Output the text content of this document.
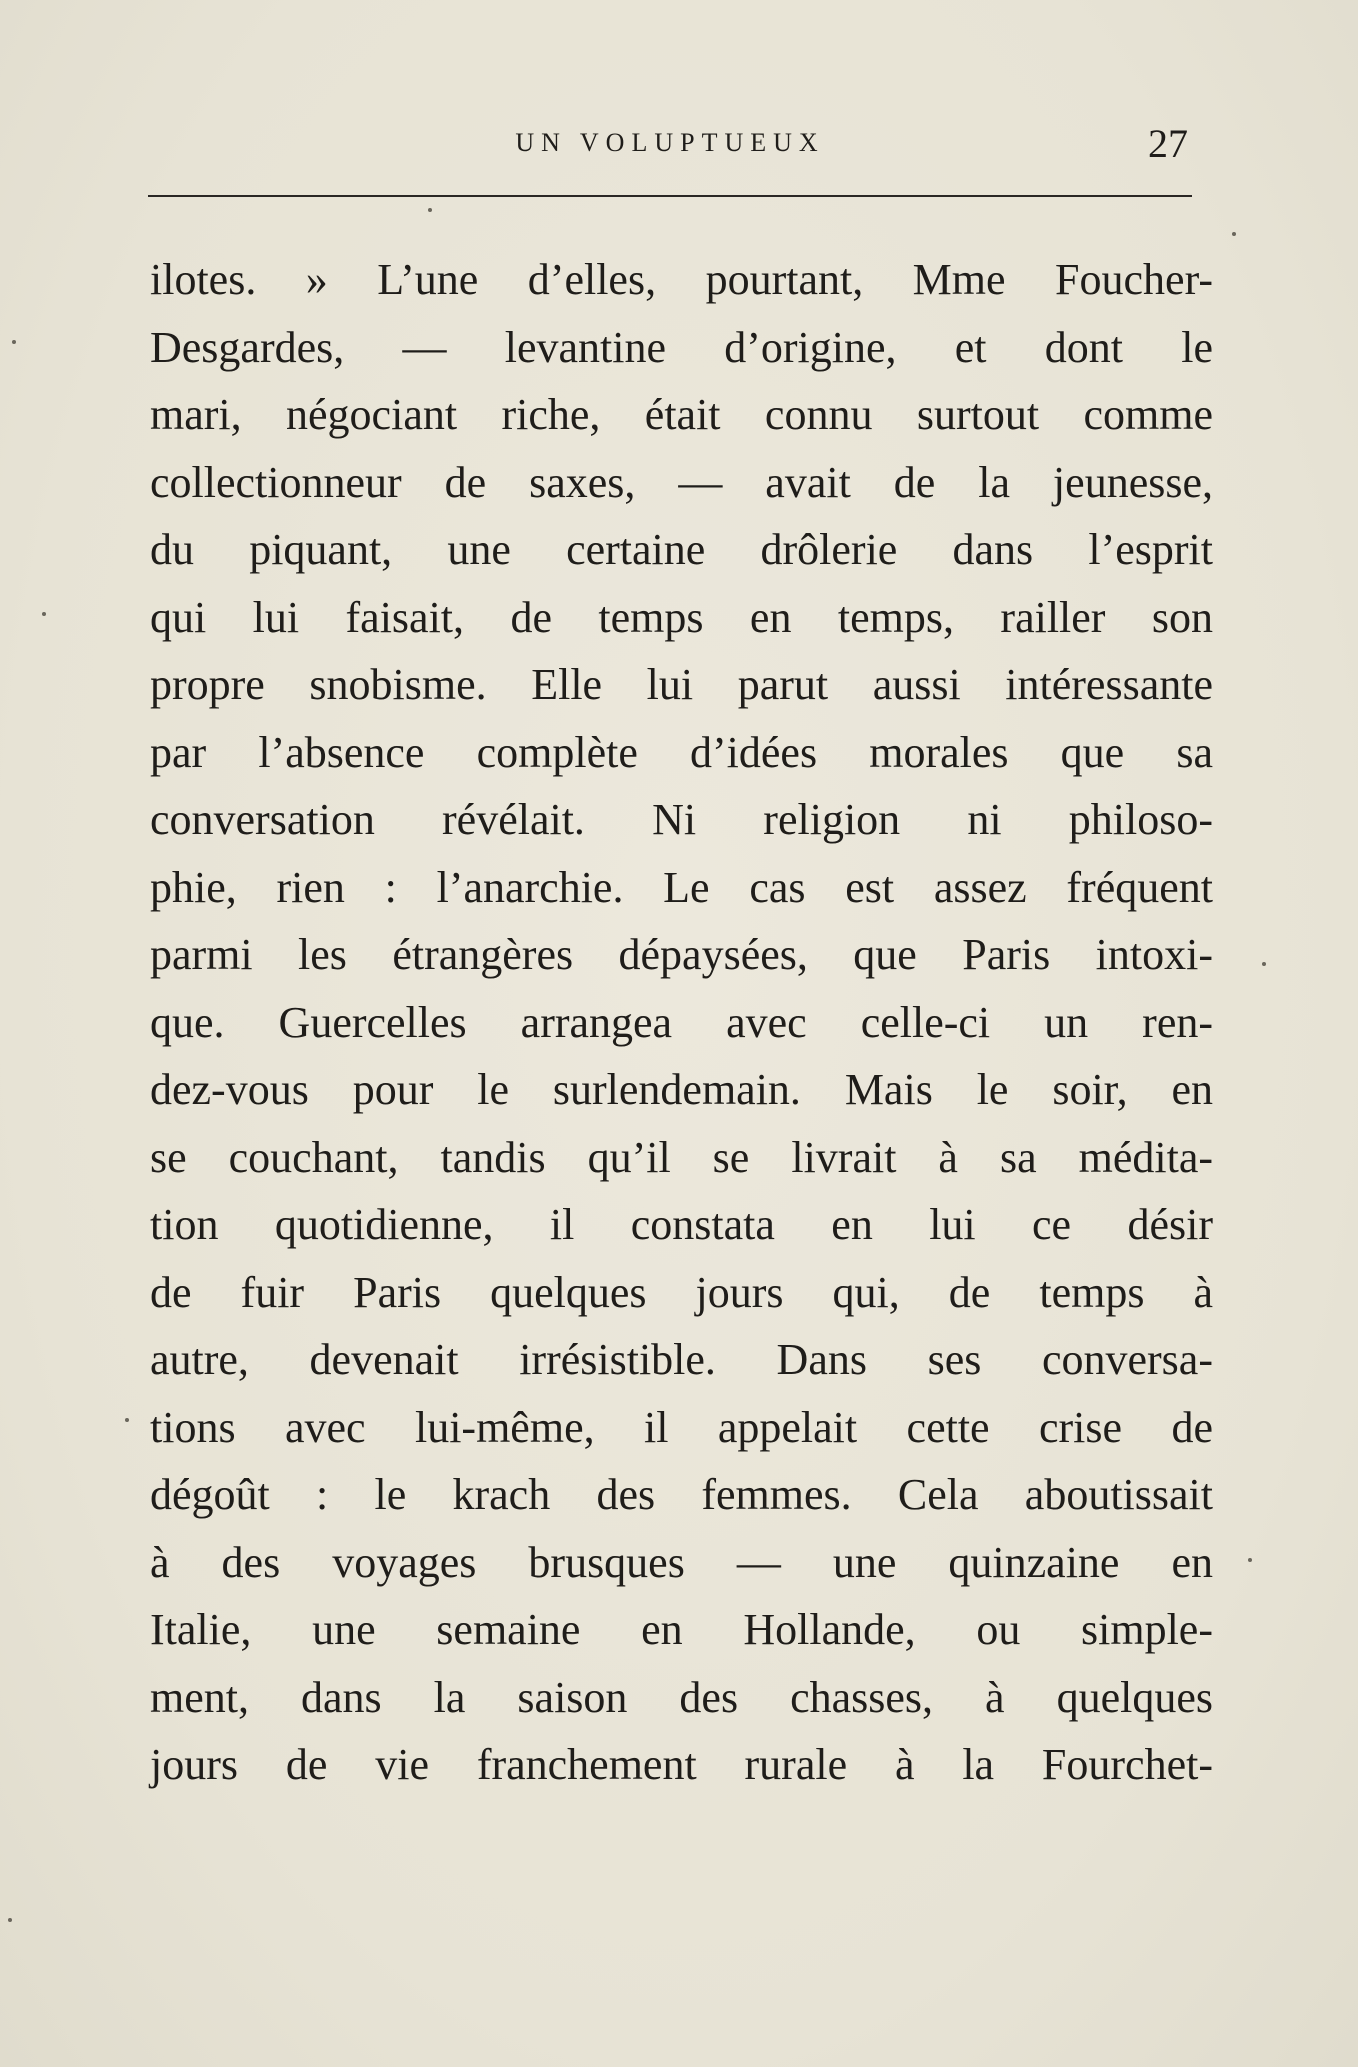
UN VOLUPTUEUX	27
ilotes. » L’une d’elles, pourtant, Mme Foucher-
Desgardes, — levantine d’origine, et dont le
mari, négociant riche, était connu surtout comme
collectionneur de saxes, — avait de la jeunesse,
du piquant, une certaine drôlerie dans l’esprit
qui lui faisait, de temps en temps, railler son
propre snobisme. Elle lui parut aussi intéressante
par l’absence complète d’idées morales que sa
conversation révélait. Ni religion ni philoso-
phie, rien : l’anarchie. Le cas est assez fréquent
parmi les étrangères dépaysées, que Paris intoxi-
que. Guercelles arrangea avec celle-ci un ren-
dez-vous pour le surlendemain. Mais le soir, en
se couchant, tandis qu’il se livrait à sa médita-
tion quotidienne, il constata en lui ce désir
de fuir Paris quelques jours qui, de temps à
autre, devenait irrésistible. Dans ses conversa-
tions avec lui-même, il appelait cette crise de
dégoût : le krach des femmes. Cela aboutissait
à des voyages brusques — une quinzaine en
Italie, une semaine en Hollande, ou simple-
ment, dans la saison des chasses, à quelques
jours de vie franchement rurale à la Fourchet-
